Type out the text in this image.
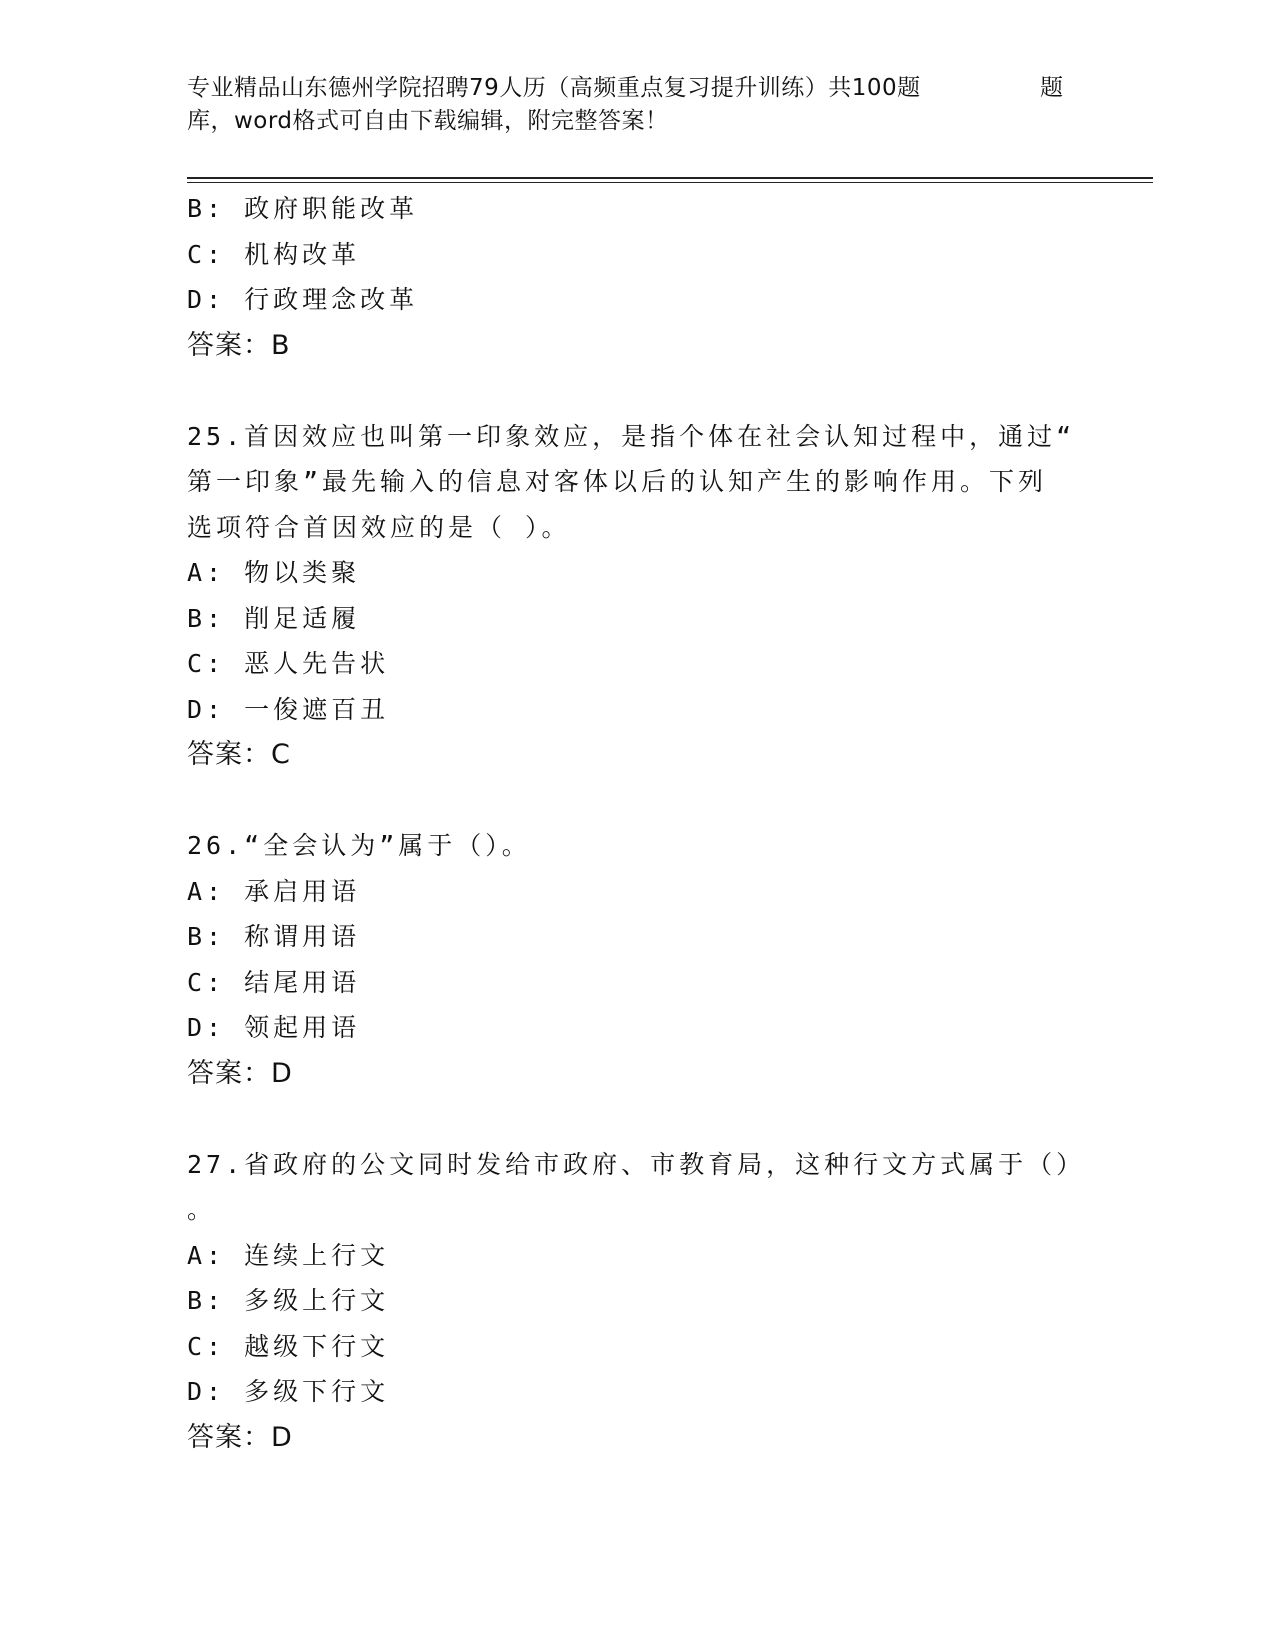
专业精品山东德州学院招聘79人历（高频重点复习提升训练）共100题
库，word格式可自由下载编辑，附完整答案！
题
B: 政府职能改革
C: 机构改革
D: 行政理念改革
答案：B
25.首因效应也叫第一印象效应，是指个体在社会认知过程中，通过“
第一印象”最先输入的信息对客体以后的认知产生的影响作用。下列
选项符合首因效应的是（ ）。
A: 物以类聚
B: 削足适履
C: 恶人先告状
D: 一俊遮百丑
答案：C
26.“全会认为”属于（）。
A: 承启用语
B: 称谓用语
C: 结尾用语
D: 领起用语
答案：D
27.省政府的公文同时发给市政府、市教育局，这种行文方式属于（）
。
A: 连续上行文
B: 多级上行文
C: 越级下行文
D: 多级下行文
答案：D
